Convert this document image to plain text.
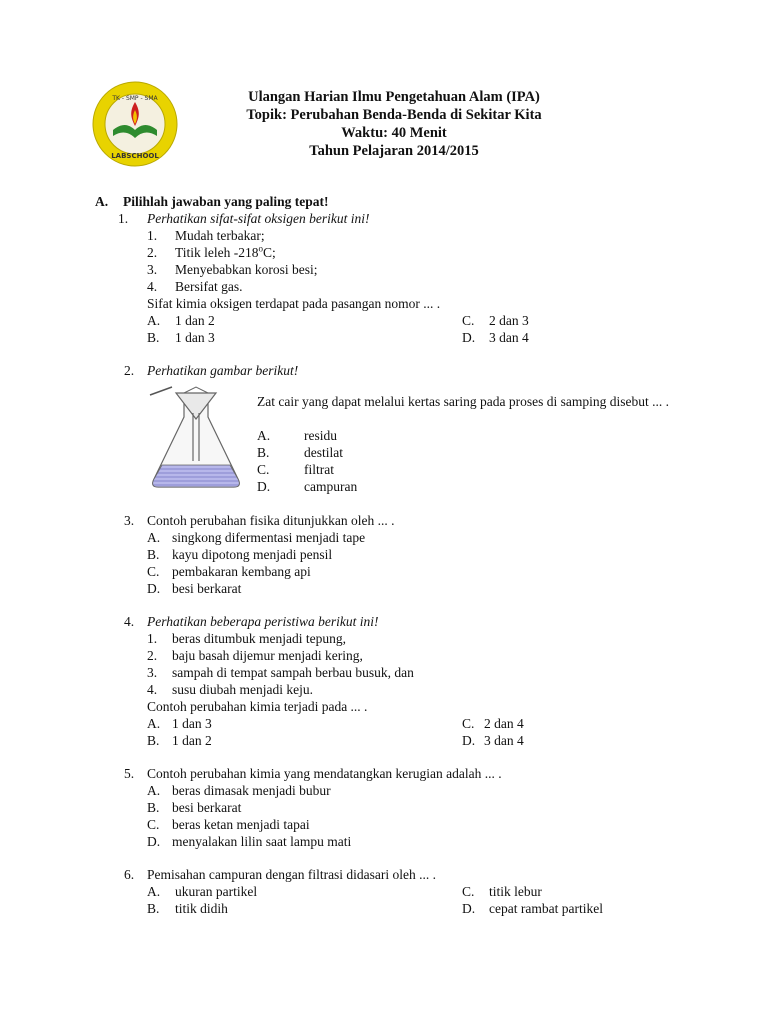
TK - SMP - SMA
LABSCHOOL
Ulangan Harian Ilmu Pengetahuan Alam (IPA)
Topik: Perubahan Benda-Benda di Sekitar Kita
Waktu: 40 Menit
Tahun Pelajaran 2014/2015
A. Pilihlah jawaban yang paling tepat!
1. Perhatikan sifat-sifat oksigen berikut ini!
1. Mudah terbakar;
2. Titik leleh -218$^o$C;
3. Menyebabkan korosi besi;
4. Bersifat gas.
Sifat kimia oksigen terdapat pada pasangan nomor ... .
A. 1 dan 2
B. 1 dan 3
C. 2 dan 3
D. 3 dan 4
2. Perhatikan gambar berikut!
Zat cair yang dapat melalui kertas saring pada proses di samping disebut ... .
A.	residu
B.	destilat
C.	filtrat
D.	campuran
3. Contoh perubahan fisika ditunjukkan oleh ... .
A. singkong difermentasi menjadi tape
B. kayu dipotong menjadi pensil
C. pembakaran kembang api
D. besi berkarat
4. Perhatikan beberapa peristiwa berikut ini!
1. beras ditumbuk menjadi tepung,
2. baju basah dijemur menjadi kering,
3. sampah di tempat sampah berbau busuk, dan
4. susu diubah menjadi keju.
Contoh perubahan kimia terjadi pada ... .
A. 1 dan 3
B. 1 dan 2
C. 2 dan 4
D. 3 dan 4
5. Contoh perubahan kimia yang mendatangkan kerugian adalah ... .
A. beras dimasak menjadi bubur
B. besi berkarat
C. beras ketan menjadi tapai
D. menyalakan lilin saat lampu mati
6. Pemisahan campuran dengan filtrasi didasari oleh ... .
A. ukuran partikel
B. titik didih
C. titik lebur
D. cepat rambat partikel
